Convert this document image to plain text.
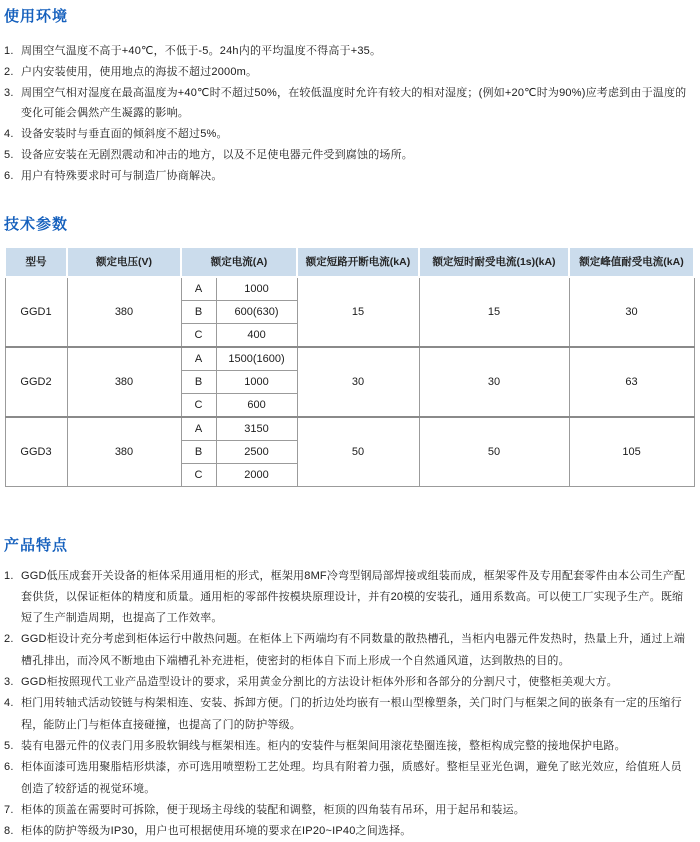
使用环境
1. 周围空气温度不高于+40℃，不低于-5。24h内的平均温度不得高于+35。
2. 户内安装使用，使用地点的海拔不超过2000m。
3. 周围空气相对湿度在最高温度为+40℃时不超过50%，在较低温度时允许有较大的相对湿度；(例如+20℃时为90%)应考虑到由于温度的变化可能会偶然产生凝露的影响。
4. 设备安装时与垂直面的倾斜度不超过5%。
5. 设备应安装在无剧烈震动和冲击的地方，以及不足使电器元件受到腐蚀的场所。
6. 用户有特殊要求时可与制造厂协商解决。
技术参数
型号	额定电压(V)	额定电流(A)		额定短路开断电流(kA)	额定短时耐受电流(1s)(kA)	额定峰值耐受电流(kA)
GGD1	380	A	1000	15	15	30
		B	600(630)			
		C	400			
GGD2	380	A	1500(1600)	30	30	63
		B	1000			
		C	600			
GGD3	380	A	3150	50	50	105
		B	2500			
		C	2000			
产品特点
1. GGD低压成套开关设备的柜体采用通用柜的形式，框架用8MF冷弯型钢局部焊接或组装而成，框架零件及专用配套零件由本公司生产配套供货，以保证柜体的精度和质量。通用柜的零部件按模块原理设计，并有20模的安装孔，通用系数高。可以使工厂实现予生产。既缩短了生产制造周期，也提高了工作效率。
2. GGD柜设计充分考虑到柜体运行中散热问题。在柜体上下两端均有不同数量的散热槽孔，当柜内电器元件发热时，热量上升，通过上端槽孔排出，而冷风不断地由下端槽孔补充进柜，使密封的柜体自下而上形成一个自然通风道，达到散热的目的。
3. GGD柜按照现代工业产品造型设计的要求，采用黄金分割比的方法设计柜体外形和各部分的分割尺寸，使整柜美观大方。
4. 柜门用转轴式活动铰链与构架相连、安装、拆卸方便。门的折边处均嵌有一根山型橡塑条，关门时门与框架之间的嵌条有一定的压缩行程，能防止门与柜体直接碰撞，也提高了门的防护等级。
5. 装有电器元件的仪表门用多股软铜线与框架相连。柜内的安装件与框架间用滚花垫圈连接，整柜构成完整的接地保护电路。
6. 柜体面漆可选用聚脂桔形烘漆，亦可选用喷塑粉工艺处理。均具有附着力强，质感好。整柜呈亚光色调，避免了眩光效应，给值班人员创造了较舒适的视觉环境。
7. 柜体的顶盖在需要时可拆除，便于现场主母线的装配和调整，柜顶的四角装有吊环，用于起吊和装运。
8. 柜体的防护等级为IP30，用户也可根据使用环境的要求在IP20~IP40之间选择。
